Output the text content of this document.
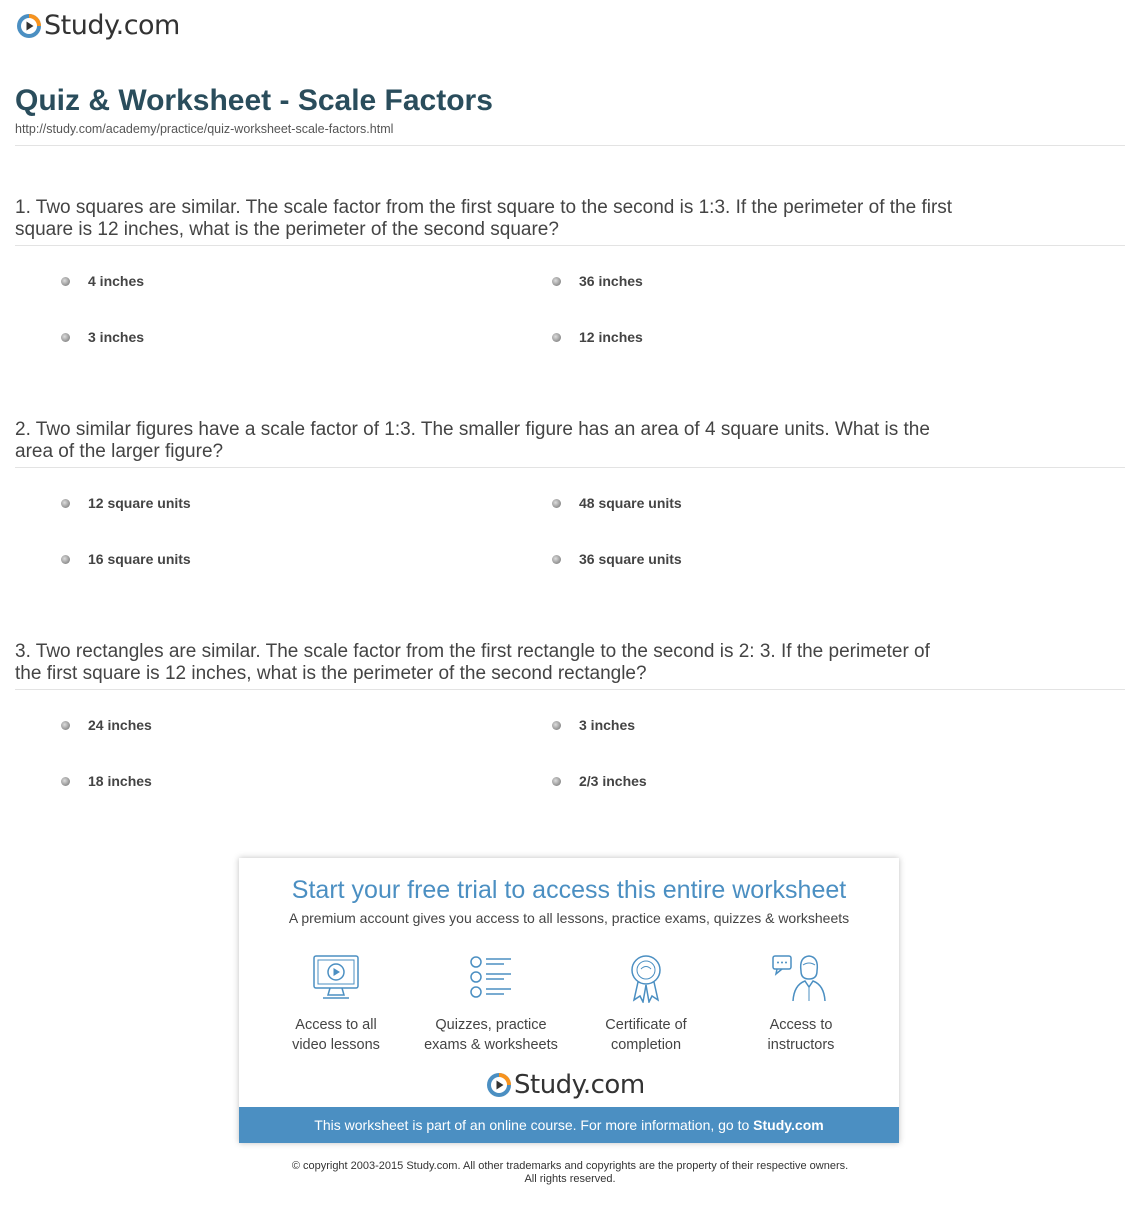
Study.com
Quiz & Worksheet - Scale Factors
http://study.com/academy/practice/quiz-worksheet-scale-factors.html
1. Two squares are similar. The scale factor from the first square to the second is 1:3. If the perimeter of the first square is 12 inches, what is the perimeter of the second square?
4 inches	36 inches
3 inches	12 inches
2. Two similar figures have a scale factor of 1:3. The smaller figure has an area of 4 square units. What is the area of the larger figure?
12 square units	48 square units
16 square units	36 square units
3. Two rectangles are similar. The scale factor from the first rectangle to the second is 2: 3. If the perimeter of the first square is 12 inches, what is the perimeter of the second rectangle?
24 inches	3 inches
18 inches	2/3 inches
Start your free trial to access this entire worksheet
A premium account gives you access to all lessons, practice exams, quizzes & worksheets
Access to all
video lessons
Quizzes, practice
exams & worksheets
Certificate of
completion
Access to
instructors
Study.com
This worksheet is part of an online course. For more information, go to Study.com
© copyright 2003-2015 Study.com. All other trademarks and copyrights are the property of their respective owners.
All rights reserved.
